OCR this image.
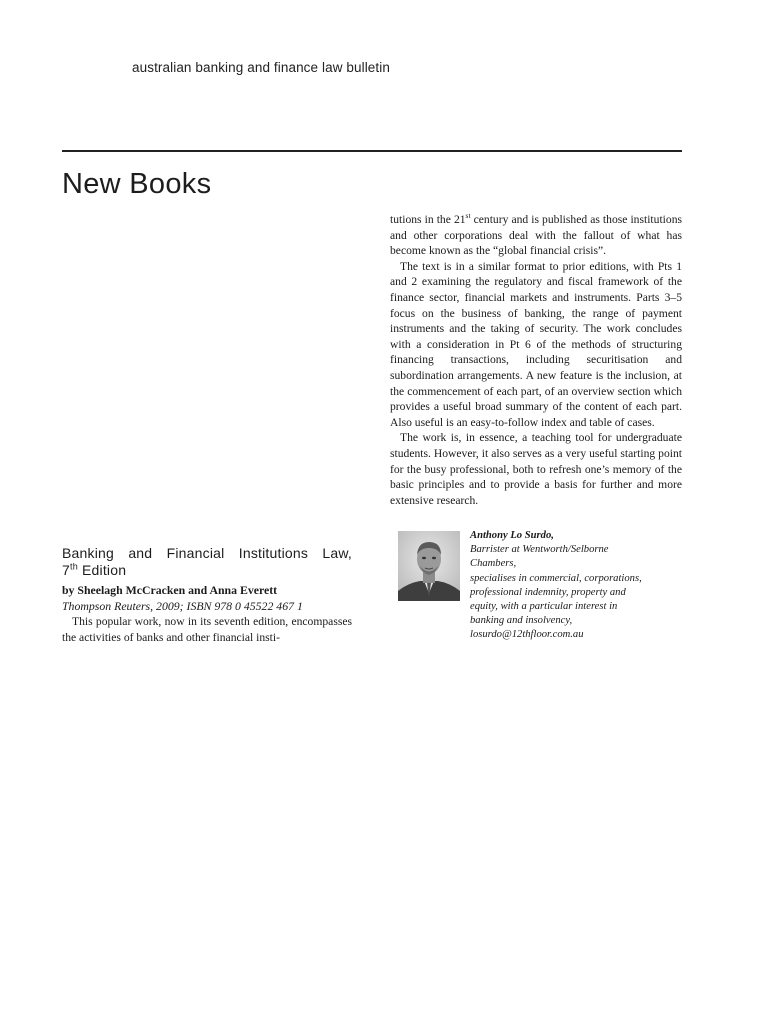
australian banking and finance law bulletin
New Books
Banking and Financial Institutions Law,
7th Edition
by Sheelagh McCracken and Anna Everett
Thompson Reuters, 2009; ISBN 978 0 45522 467 1

This popular work, now in its seventh edition, encompasses the activities of banks and other financial insti-

tutions in the 21st century and is published as those institutions and other corporations deal with the fallout of what has become known as the “global financial crisis”.

The text is in a similar format to prior editions, with Pts 1 and 2 examining the regulatory and fiscal framework of the finance sector, financial markets and instruments. Parts 3–5 focus on the business of banking, the range of payment instruments and the taking of security. The work concludes with a consideration in Pt 6 of the methods of structuring financing transactions, including securitisation and subordination arrangements. A new feature is the inclusion, at the commencement of each part, of an overview section which provides a useful broad summary of the content of each part. Also useful is an easy-to-follow index and table of cases.

The work is, in essence, a teaching tool for undergraduate students. However, it also serves as a very useful starting point for the busy professional, both to refresh one’s memory of the basic principles and to provide a basis for further and more extensive research.

Anthony Lo Surdo,
Barrister at Wentworth/Selborne
Chambers,
specialises in commercial, corporations,
professional indemnity, property and
equity, with a particular interest in
banking and insolvency,
losurdo@12thfloor.com.au
